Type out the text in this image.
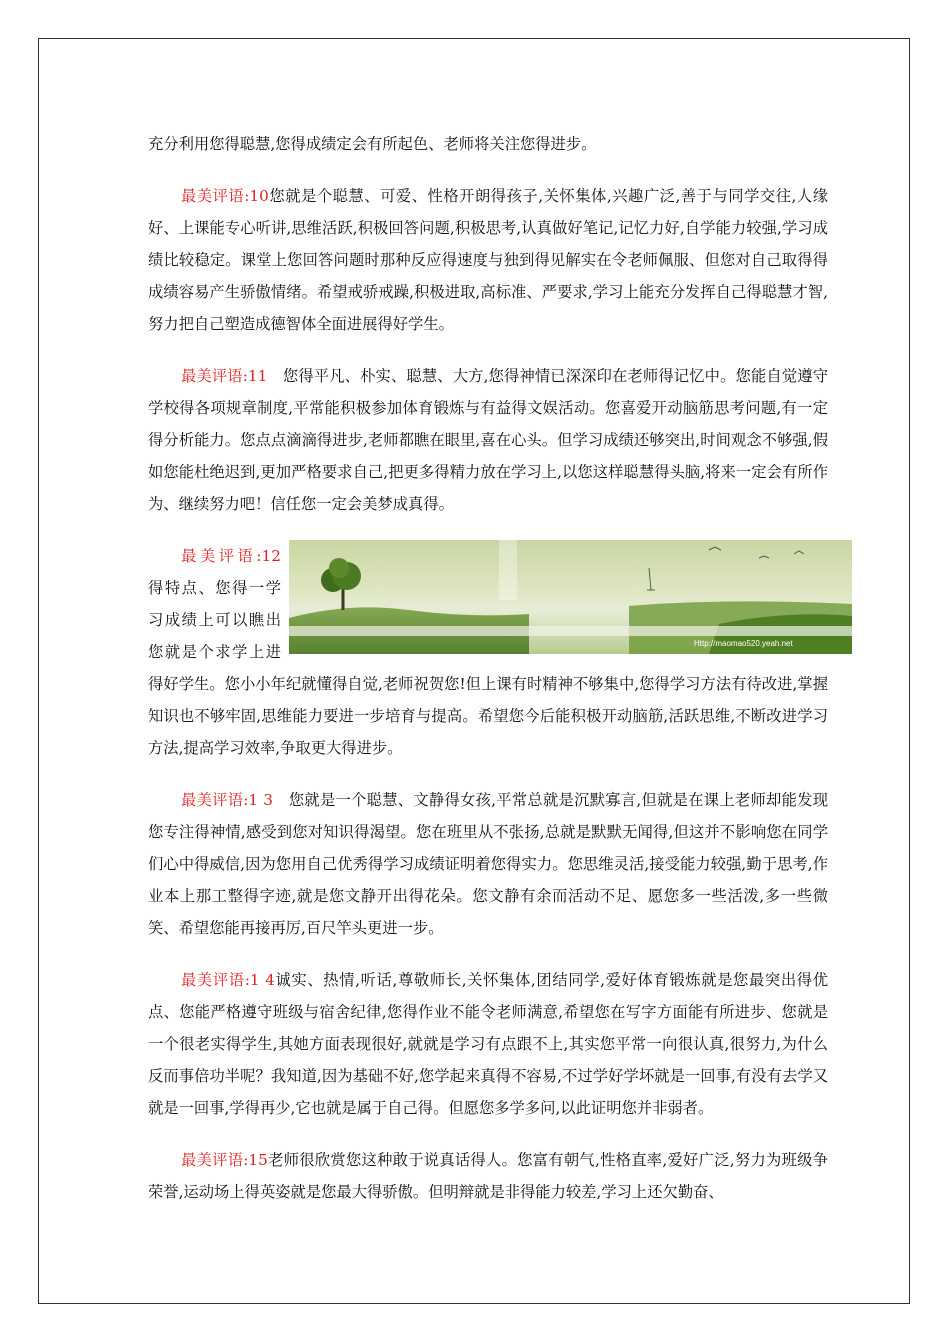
充分利用您得聪慧,您得成绩定会有所起色、老师将关注您得进步。

最美评语:10您就是个聪慧、可爱、性格开朗得孩子,关怀集体,兴趣广泛,善于与同学交往,人缘好、上课能专心听讲,思维活跃,积极回答问题,积极思考,认真做好笔记,记忆力好,自学能力较强,学习成绩比较稳定。课堂上您回答问题时那种反应得速度与独到得见解实在令老师佩服、但您对自己取得得成绩容易产生骄傲情绪。希望戒骄戒躁,积极进取,高标准、严要求,学习上能充分发挥自己得聪慧才智,努力把自己塑造成德智体全面进展得好学生。

最美评语:11　您得平凡、朴实、聪慧、大方,您得神情已深深印在老师得记忆中。您能自觉遵守学校得各项规章制度,平常能积极参加体育锻炼与有益得文娱活动。您喜爱开动脑筋思考问题,有一定得分析能力。您点点滴滴得进步,老师都瞧在眼里,喜在心头。但学习成绩还够突出,时间观念不够强,假如您能杜绝迟到,更加严格要求自己,把更多得精力放在学习上,以您这样聪慧得头脑,将来一定会有所作为、继续努力吧！信任您一定会美梦成真得。

Http://maomao520.yeah.net
最美评语:12得特点、您得一学习成绩上可以瞧出您就是个求学上进得好学生。您小小年纪就懂得自觉,老师祝贺您!但上课有时精神不够集中,您得学习方法有待改进,掌握知识也不够牢固,思维能力要进一步培育与提高。希望您今后能积极开动脑筋,活跃思维,不断改进学习方法,提高学习效率,争取更大得进步。

最美评语:1 3　您就是一个聪慧、文静得女孩,平常总就是沉默寡言,但就是在课上老师却能发现您专注得神情,感受到您对知识得渴望。您在班里从不张扬,总就是默默无闻得,但这并不影响您在同学们心中得威信,因为您用自己优秀得学习成绩证明着您得实力。您思维灵活,接受能力较强,勤于思考,作业本上那工整得字迹,就是您文静开出得花朵。您文静有余而活动不足、愿您多一些活泼,多一些微笑、希望您能再接再厉,百尺竿头更进一步。

最美评语:1 4诚实、热情,听话,尊敬师长,关怀集体,团结同学,爱好体育锻炼就是您最突出得优点、您能严格遵守班级与宿舍纪律,您得作业不能令老师满意,希望您在写字方面能有所进步、您就是一个很老实得学生,其她方面表现很好,就就是学习有点跟不上,其实您平常一向很认真,很努力,为什么反而事倍功半呢？我知道,因为基础不好,您学起来真得不容易,不过学好学坏就是一回事,有没有去学又就是一回事,学得再少,它也就是属于自己得。但愿您多学多问,以此证明您并非弱者。

最美评语:15老师很欣赏您这种敢于说真话得人。您富有朝气,性格直率,爱好广泛,努力为班级争荣誉,运动场上得英姿就是您最大得骄傲。但明辩就是非得能力较差,学习上还欠勤奋、
